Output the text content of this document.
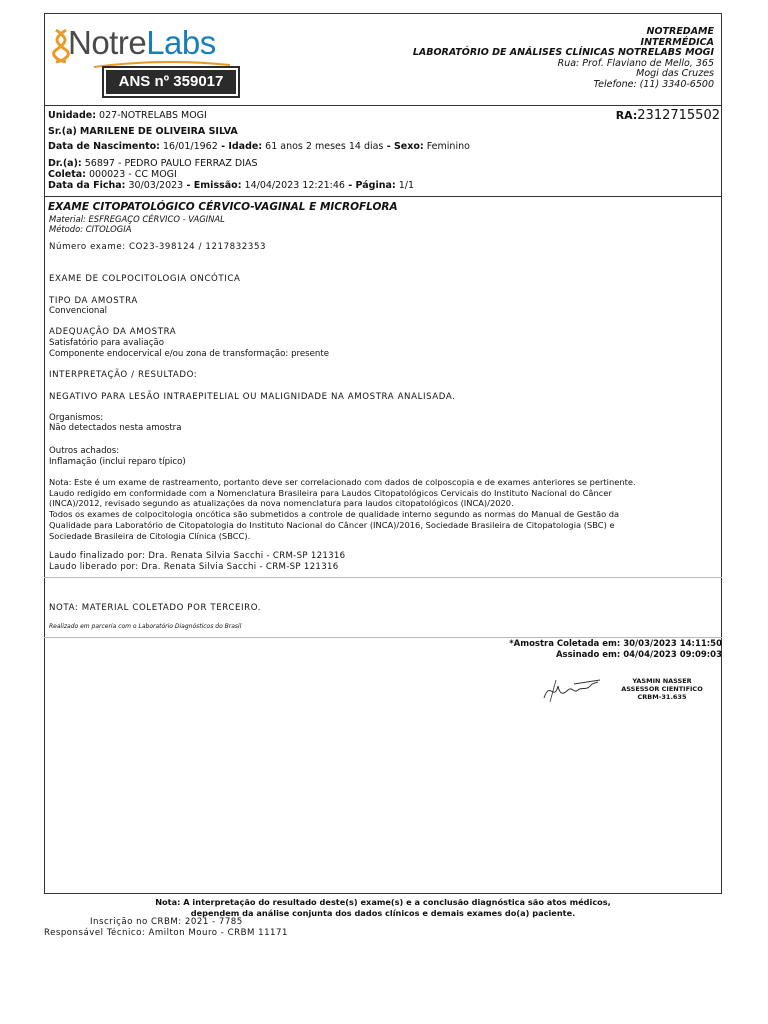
NotreLabs
ANS nº 359017
NOTREDAME
INTERMÉDICA
LABORATÓRIO DE ANÁLISES CLÍNICAS NOTRELABS MOGI
Rua: Prof. Flaviano de Mello, 365
Mogi das Cruzes
Telefone: (11) 3340-6500
Unidade: 027-NOTRELABS MOGI	RA:2312715502
Sr.(a) MARILENE DE OLIVEIRA SILVA
Data de Nascimento: 16/01/1962 - Idade: 61 anos 2 meses 14 dias - Sexo: Feminino
Dr.(a): 56897 - PEDRO PAULO FERRAZ DIAS
Coleta: 000023 - CC MOGI
Data da Ficha: 30/03/2023 - Emissão: 14/04/2023 12:21:46 - Página: 1/1
EXAME CITOPATOLÓGICO CÉRVICO-VAGINAL E MICROFLORA
Material: ESFREGAÇO CÉRVICO - VAGINAL
Método: CITOLOGIA
Número exame: CO23-398124 / 1217832353
EXAME DE COLPOCITOLOGIA ONCÓTICA
TIPO DA AMOSTRA
Convencional
ADEQUAÇÃO DA AMOSTRA
Satisfatório para avaliação
Componente endocervical e/ou zona de transformação: presente
INTERPRETAÇÃO / RESULTADO:
NEGATIVO PARA LESÃO INTRAEPITELIAL OU MALIGNIDADE NA AMOSTRA ANALISADA.
Organismos:
Não detectados nesta amostra
Outros achados:
Inflamação (inclui reparo típico)
Nota: Este é um exame de rastreamento, portanto deve ser correlacionado com dados de colposcopia e de exames anteriores se pertinente.
Laudo redigido em conformidade com a Nomenclatura Brasileira para Laudos Citopatológicos Cervicais do Instituto Nacional do Câncer
(INCA)/2012, revisado segundo as atualizações da nova nomenclatura para laudos citopatológicos (INCA)/2020.
Todos os exames de colpocitologia oncótica são submetidos a controle de qualidade interno segundo as normas do Manual de Gestão da
Qualidade para Laboratório de Citopatologia do Instituto Nacional do Câncer (INCA)/2016, Sociedade Brasileira de Citopatologia (SBC) e
Sociedade Brasileira de Citologia Clínica (SBCC).
Laudo finalizado por: Dra. Renata Silvia Sacchi - CRM-SP 121316
Laudo liberado por: Dra. Renata Silvia Sacchi - CRM-SP 121316
NOTA: MATERIAL COLETADO POR TERCEIRO.
Realizado em parceria com o Laboratório Diagnósticos do Brasil
*Amostra Coletada em: 30/03/2023 14:11:50
Assinado em: 04/04/2023 09:09:03
YASMIN NASSER
ASSESSOR CIENTIFICO
CRBM-31.635
Nota: A interpretação do resultado deste(s) exame(s) e a conclusão diagnóstica são atos médicos,
dependem da análise conjunta dos dados clínicos e demais exames do(a) paciente.
Inscrição no CRBM: 2021 - 7785
Responsável Técnico: Amilton Mouro - CRBM 11171
